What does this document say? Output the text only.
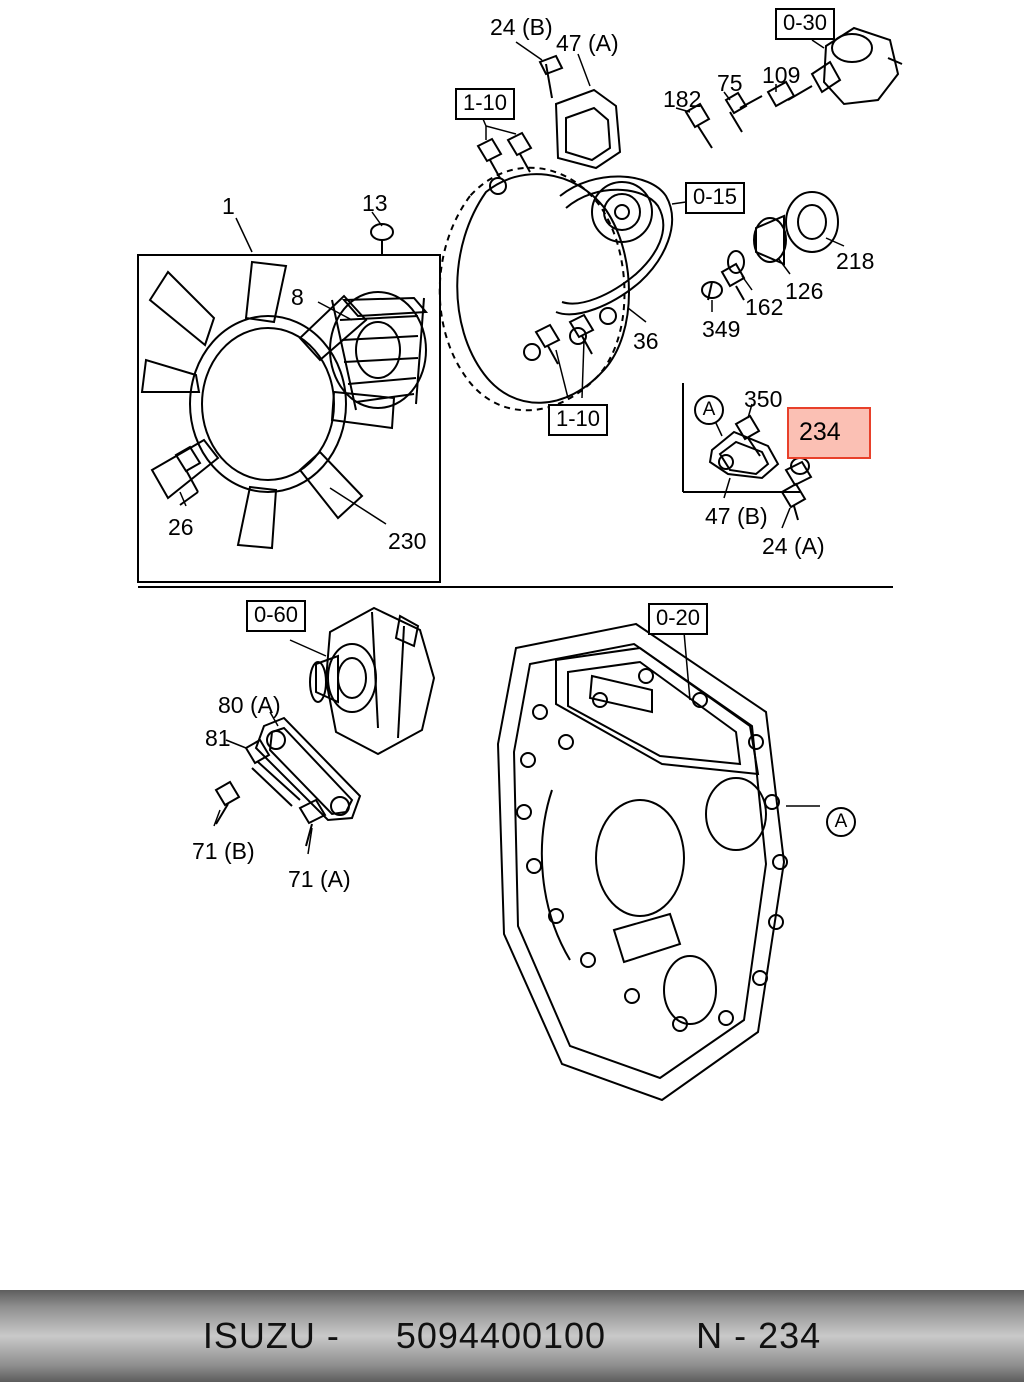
1-10
0-30
0-15
1-10
0-60	0-20
24 (B)
47 (A)
182
75 109
1	13
8
218
126
162
349
36
350
26
230
47 (B)
24 (A)
80 (A)
81
71 (B)
71 (A)
A
A
234
ISUZU - 5094400100	N - 234
